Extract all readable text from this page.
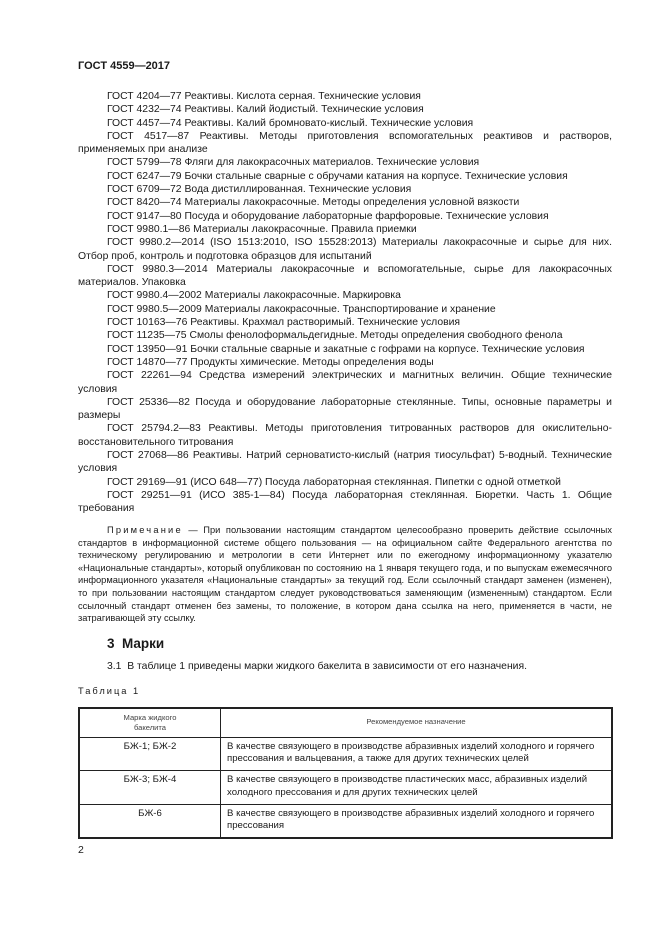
ГОСТ 4559—2017

ГОСТ 4204—77 Реактивы. Кислота серная. Технические условия

ГОСТ 4232—74 Реактивы. Калий йодистый. Технические условия

ГОСТ 4457—74 Реактивы. Калий бромновато-кислый. Технические условия

ГОСТ 4517—87 Реактивы. Методы приготовления вспомогательных реактивов и растворов, применяемых при анализе

ГОСТ 5799—78 Фляги для лакокрасочных материалов. Технические условия

ГОСТ 6247—79 Бочки стальные сварные с обручами катания на корпусе. Технические условия

ГОСТ 6709—72 Вода дистиллированная. Технические условия

ГОСТ 8420—74 Материалы лакокрасочные. Методы определения условной вязкости

ГОСТ 9147—80 Посуда и оборудование лабораторные фарфоровые. Технические условия

ГОСТ 9980.1—86 Материалы лакокрасочные. Правила приемки

ГОСТ 9980.2—2014 (ISO 1513:2010, ISO 15528:2013) Материалы лакокрасочные и сырье для них. Отбор проб, контроль и подготовка образцов для испытаний

ГОСТ 9980.3—2014 Материалы лакокрасочные и вспомогательные, сырье для лакокрасочных материалов. Упаковка

ГОСТ 9980.4—2002 Материалы лакокрасочные. Маркировка

ГОСТ 9980.5—2009 Материалы лакокрасочные. Транспортирование и хранение

ГОСТ 10163—76 Реактивы. Крахмал растворимый. Технические условия

ГОСТ 11235—75 Смолы фенолоформальдегидные. Методы определения свободного фенола

ГОСТ 13950—91 Бочки стальные сварные и закатные с гофрами на корпусе. Технические условия

ГОСТ 14870—77 Продукты химические. Методы определения воды

ГОСТ 22261—94 Средства измерений электрических и магнитных величин. Общие технические условия

ГОСТ 25336—82 Посуда и оборудование лабораторные стеклянные. Типы, основные параметры и размеры

ГОСТ 25794.2—83 Реактивы. Методы приготовления титрованных растворов для окислительно-восстановительного титрования

ГОСТ 27068—86 Реактивы. Натрий серноватисто-кислый (натрия тиосульфат) 5-водный. Технические условия

ГОСТ 29169—91 (ИСО 648—77) Посуда лабораторная стеклянная. Пипетки с одной отметкой

ГОСТ 29251—91 (ИСО 385-1—84) Посуда лабораторная стеклянная. Бюретки. Часть 1. Общие требования

Примечание — При пользовании настоящим стандартом целесообразно проверить действие ссылочных стандартов в информационной системе общего пользования — на официальном сайте Федерального агентства по техническому регулированию и метрологии в сети Интернет или по ежегодному информационному указателю «Национальные стандарты», который опубликован по состоянию на 1 января текущего года, и по выпускам ежемесячного информационного указателя «Национальные стандарты» за текущий год. Если ссылочный стандарт заменен (изменен), то при пользовании настоящим стандартом следует руководствоваться заменяющим (измененным) стандартом. Если ссылочный стандарт отменен без замены, то положение, в котором дана ссылка на него, применяется в части, не затрагивающей эту ссылку.

3  Марки
3.1  В таблице 1 приведены марки жидкого бакелита в зависимости от его назначения.
Таблица 1
Марка жидкого бакелита	Рекомендуемое назначение
БЖ-1; БЖ-2	В качестве связующего в производстве абразивных изделий холодного и горячего прессования и вальцевания, а также для других технических целей
БЖ-3; БЖ-4	В качестве связующего в производстве пластических масс, абразивных изделий холодного прессования и для других технических целей
БЖ-6	В качестве связующего в производстве абразивных изделий холодного и горячего прессования
2
